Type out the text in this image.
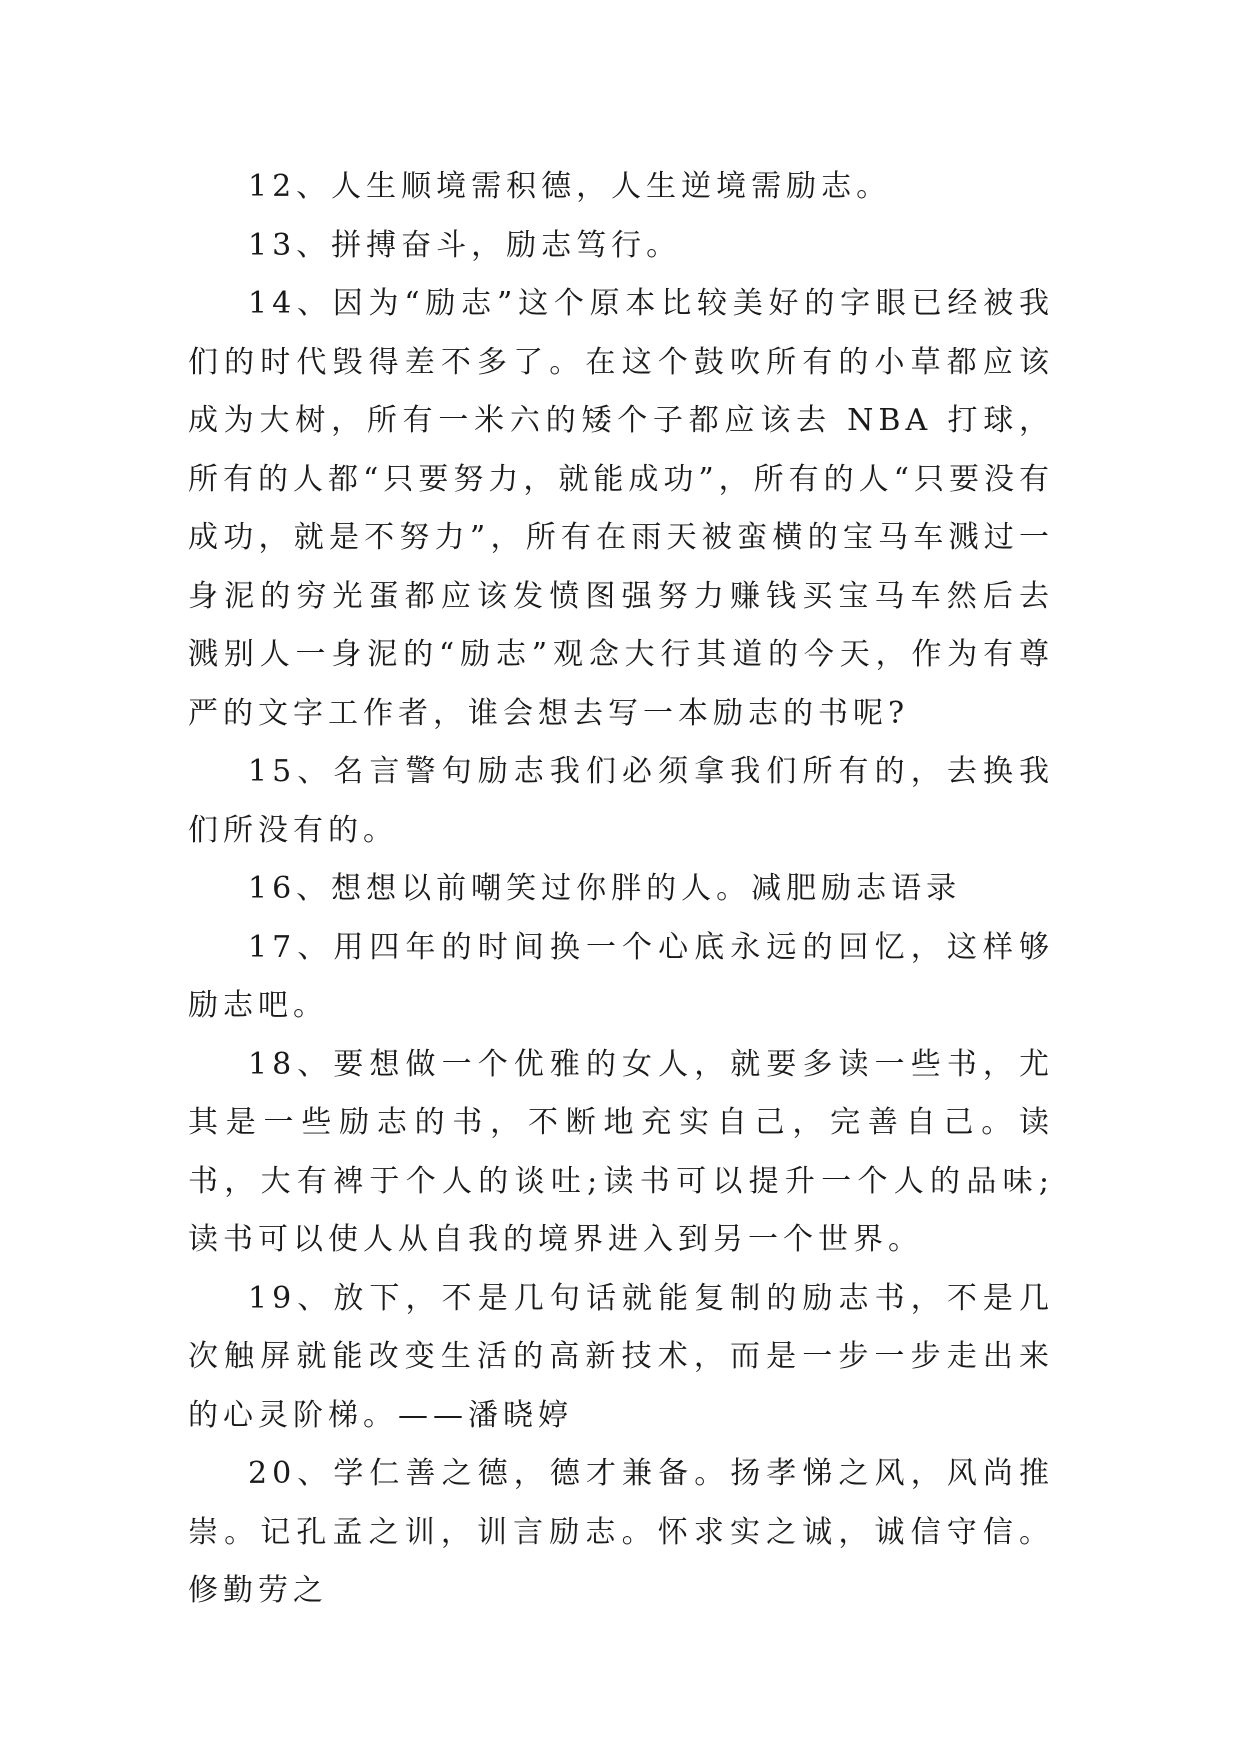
12、人生顺境需积德，人生逆境需励志。

13、拼搏奋斗，励志笃行。

14、因为“励志”这个原本比较美好的字眼已经被我们的时代毁得差不多了。在这个鼓吹所有的小草都应该成为大树，所有一米六的矮个子都应该去 NBA 打球，所有的人都“只要努力，就能成功”，所有的人“只要没有成功，就是不努力”，所有在雨天被蛮横的宝马车溅过一身泥的穷光蛋都应该发愤图强努力赚钱买宝马车然后去溅别人一身泥的“励志”观念大行其道的今天，作为有尊严的文字工作者，谁会想去写一本励志的书呢?

15、名言警句励志我们必须拿我们所有的，去换我们所没有的。

16、想想以前嘲笑过你胖的人。减肥励志语录

17、用四年的时间换一个心底永远的回忆，这样够励志吧。

18、要想做一个优雅的女人，就要多读一些书，尤其是一些励志的书，不断地充实自己，完善自己。读书，大有裨于个人的谈吐;读书可以提升一个人的品味;读书可以使人从自我的境界进入到另一个世界。

19、放下，不是几句话就能复制的励志书，不是几次触屏就能改变生活的高新技术，而是一步一步走出来的心灵阶梯。——潘晓婷

20、学仁善之德，德才兼备。扬孝悌之风，风尚推崇。记孔孟之训，训言励志。怀求实之诚，诚信守信。修勤劳之
